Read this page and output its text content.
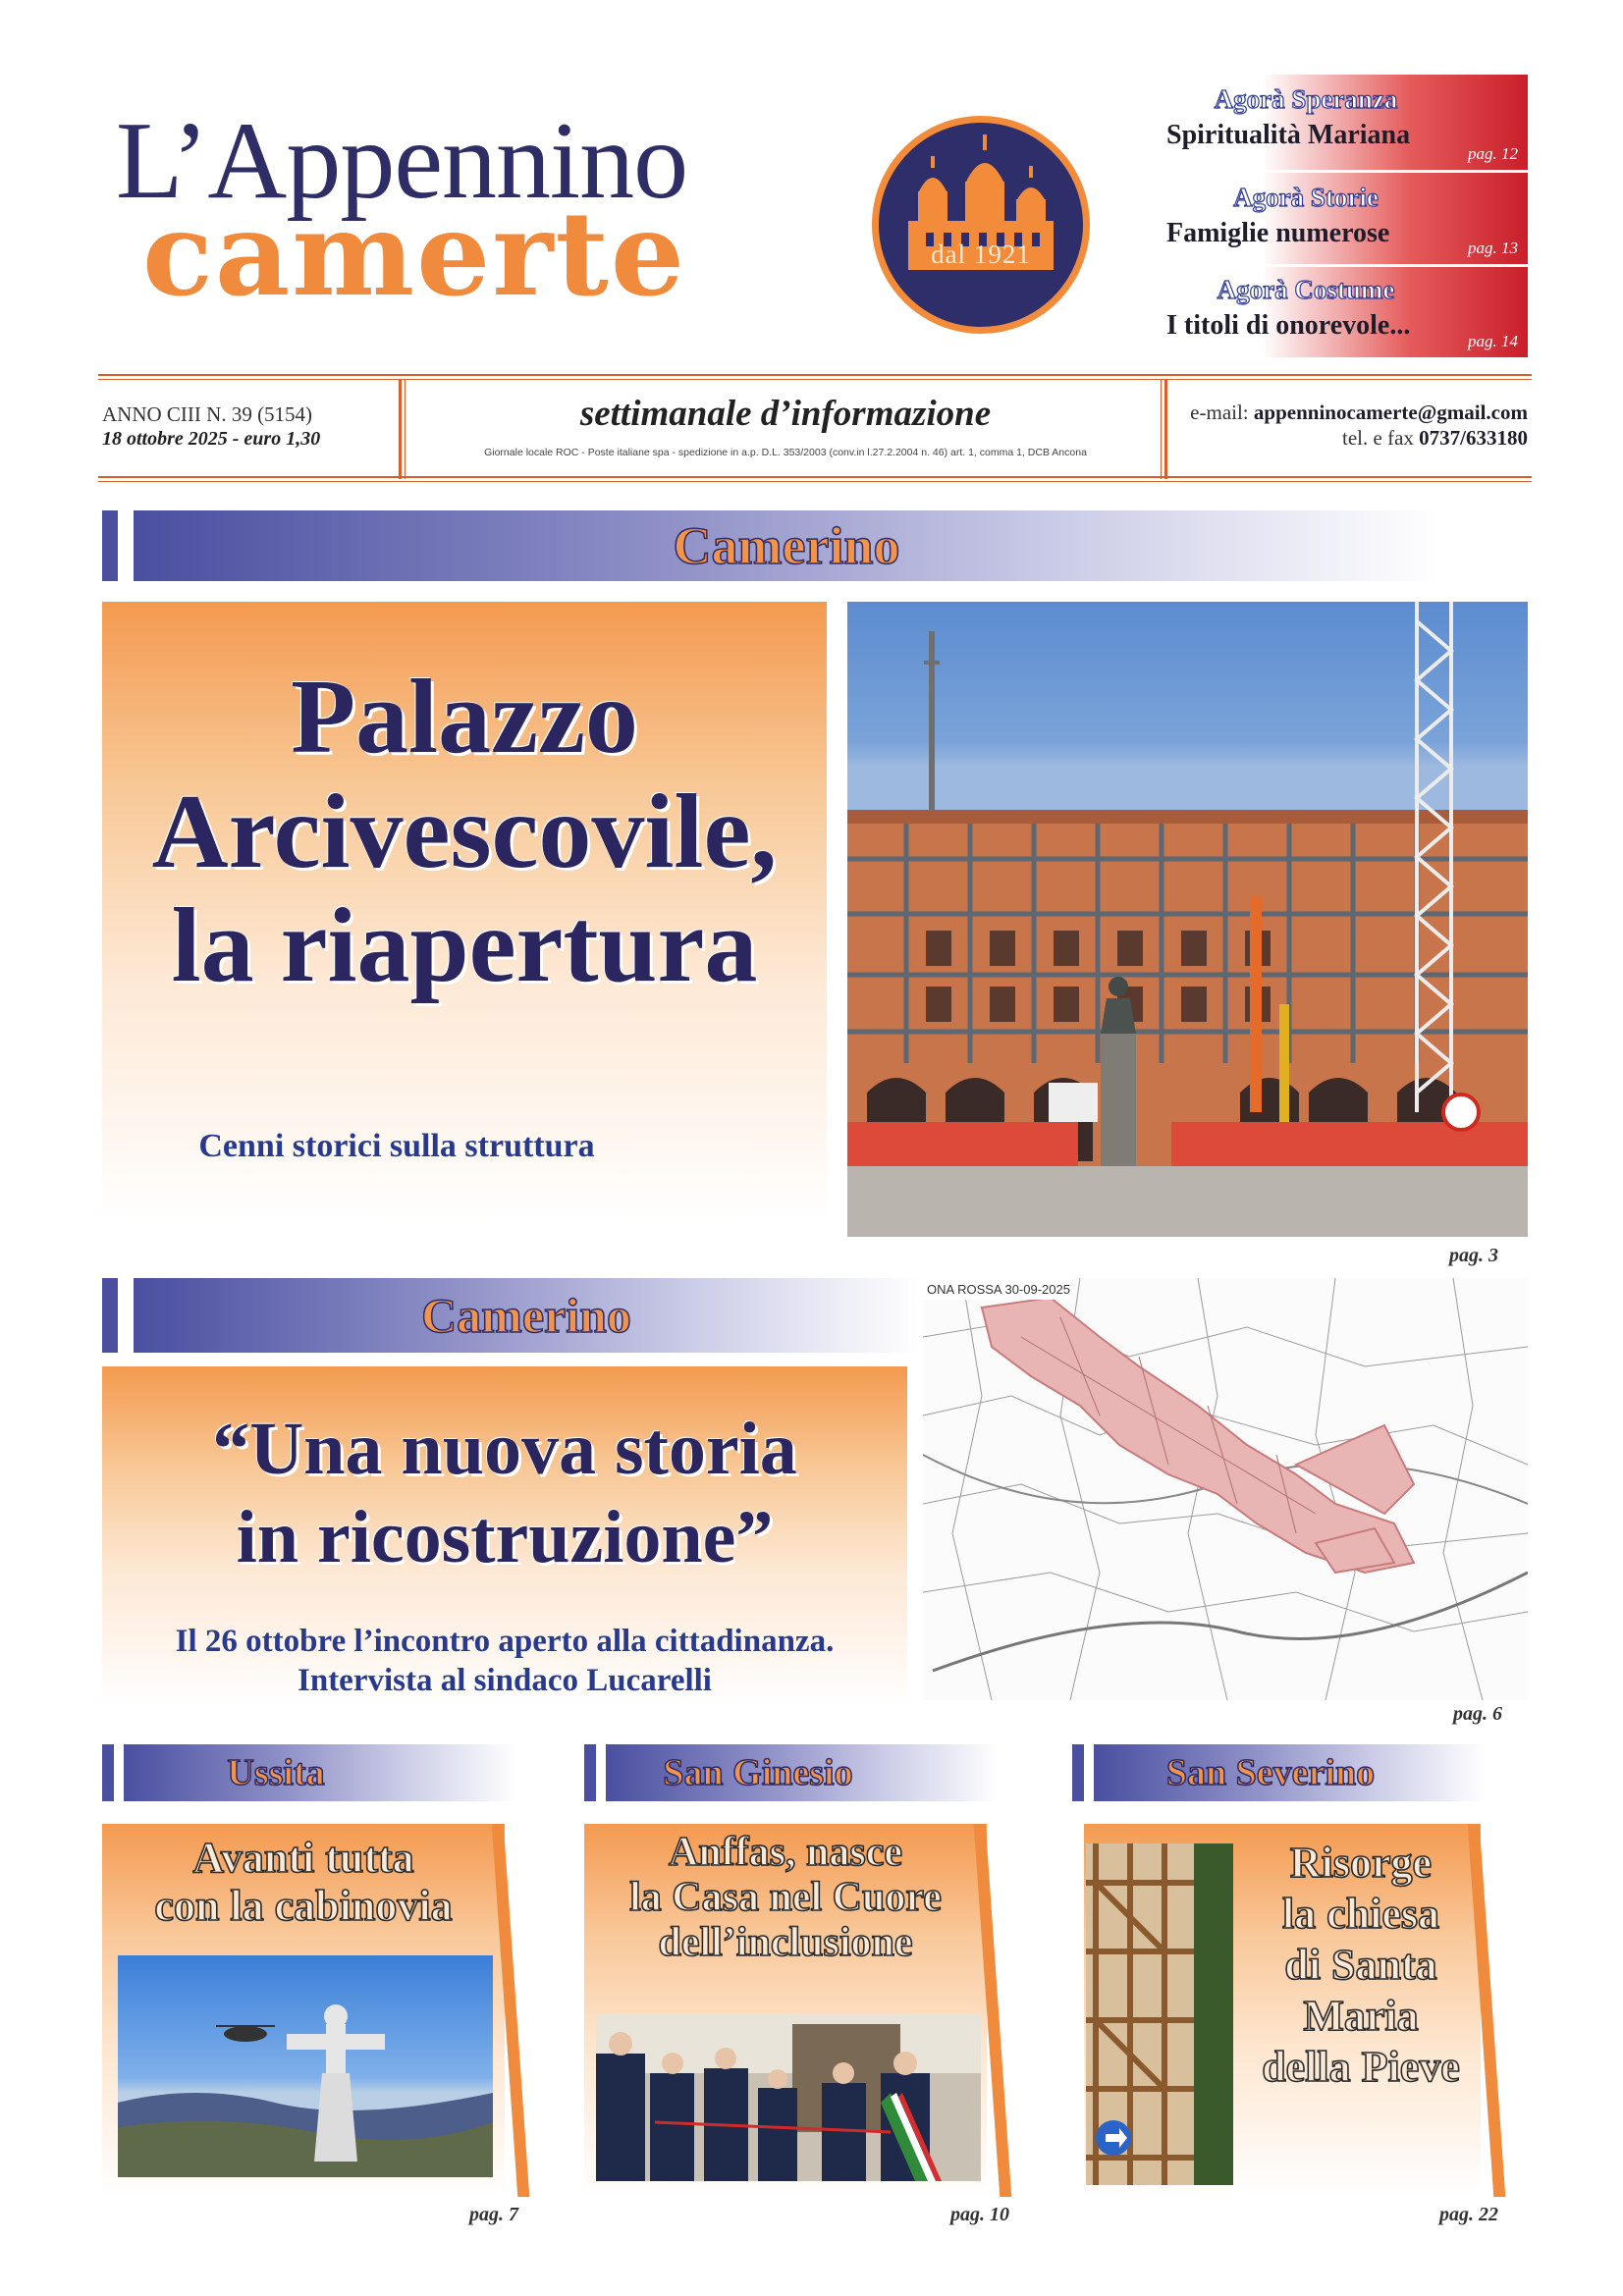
L’Appennino
camerte	dal 1921
Agorà Speranza
Spiritualità Mariana
pag. 12
Agorà Storie
Famiglie numerose	pag. 13
Agorà Costume
I titoli di onorevole...
pag. 14
ANNO CIII N. 39 (5154)
18 ottobre 2025 - euro 1,30
settimanale d’informazione
Giornale locale ROC - Poste italiane spa - spedizione in a.p. D.L. 353/2003 (conv.in l.27.2.2004 n. 46) art. 1, comma 1, DCB Ancona
e-mail: appenninocamerte@gmail.com
tel. e fax 0737/633180
Camerino
Palazzo
Arcivescovile,
la riapertura
Cenni storici sulla struttura
pag. 3
Camerino
“Una nuova storia
in ricostruzione”
Il 26 ottobre l’incontro aperto alla cittadinanza.
Intervista al sindaco Lucarelli
ONA ROSSA 30-09-2025
pag. 6
Ussita
Avanti tutta
con la cabinovia
pag. 7
San Ginesio
Anffas, nasce
la Casa nel Cuore
dell’inclusione
pag. 10
San Severino
Risorge
la chiesa
di Santa
Maria
della Pieve
pag. 22
